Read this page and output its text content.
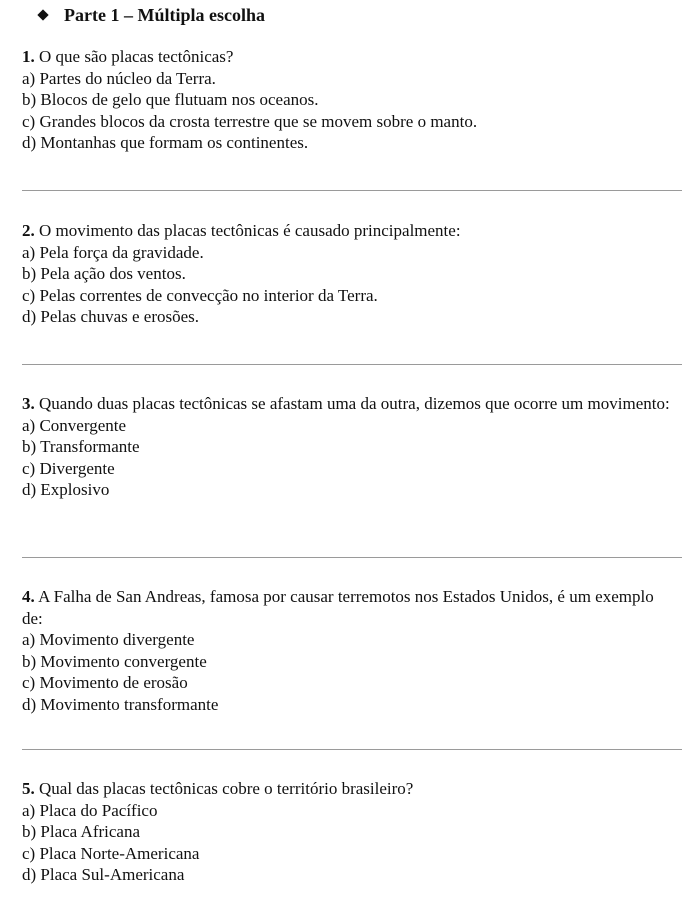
Parte 1 – Múltipla escolha

1. O que são placas tectônicas?

a) Partes do núcleo da Terra.

b) Blocos de gelo que flutuam nos oceanos.

c) Grandes blocos da crosta terrestre que se movem sobre o manto.

d) Montanhas que formam os continentes.

2. O movimento das placas tectônicas é causado principalmente:

a) Pela força da gravidade.

b) Pela ação dos ventos.

c) Pelas correntes de convecção no interior da Terra.

d) Pelas chuvas e erosões.

3. Quando duas placas tectônicas se afastam uma da outra, dizemos que ocorre um movimento:

a) Convergente

b) Transformante

c) Divergente

d) Explosivo

4. A Falha de San Andreas, famosa por causar terremotos nos Estados Unidos, é um exemplo de:

a) Movimento divergente

b) Movimento convergente

c) Movimento de erosão

d) Movimento transformante

5. Qual das placas tectônicas cobre o território brasileiro?

a) Placa do Pacífico

b) Placa Africana

c) Placa Norte-Americana

d) Placa Sul-Americana
